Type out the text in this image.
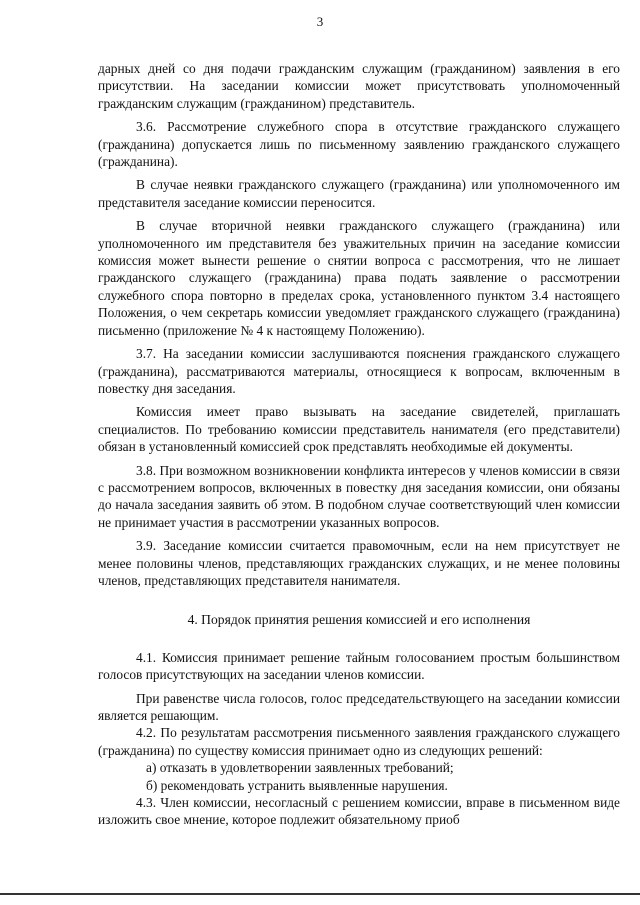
3

дарных дней со дня подачи гражданским служащим (гражданином) заявления в его присутствии. На заседании комиссии может присутствовать уполномоченный гражданским служащим (гражданином) представитель.

3.6. Рассмотрение служебного спора в отсутствие гражданского служащего (гражданина) допускается лишь по письменному заявлению гражданского служащего (гражданина).

В случае неявки гражданского служащего (гражданина) или уполномоченного им представителя заседание комиссии переносится.

В случае вторичной неявки гражданского служащего (гражданина) или уполномоченного им представителя без уважительных причин на заседание комиссии комиссия может вынести решение о снятии вопроса с рассмотрения, что не лишает гражданского служащего (гражданина) права подать заявление о рассмотрении служебного спора повторно в пределах срока, установленного пунктом 3.4 настоящего Положения, о чем секретарь комиссии уведомляет гражданского служащего (гражданина) письменно (приложение № 4 к настоящему Положению).

3.7. На заседании комиссии заслушиваются пояснения гражданского служащего (гражданина), рассматриваются материалы, относящиеся к вопросам, включенным в повестку дня заседания.

Комиссия имеет право вызывать на заседание свидетелей, приглашать специалистов. По требованию комиссии представитель нанимателя (его представители) обязан в установленный комиссией срок представлять необходимые ей документы.

3.8. При возможном возникновении конфликта интересов у членов комиссии в связи с рассмотрением вопросов, включенных в повестку дня заседания комиссии, они обязаны до начала заседания заявить об этом. В подобном случае соответствующий член комиссии не принимает участия в рассмотрении указанных вопросов.

3.9. Заседание комиссии считается правомочным, если на нем присутствует не менее половины членов, представляющих гражданских служащих, и не менее половины членов, представляющих представителя нанимателя.

4. Порядок принятия решения комиссией и его исполнения

4.1. Комиссия принимает решение тайным голосованием простым большинством голосов присутствующих на заседании членов комиссии.

При равенстве числа голосов, голос председательствующего на заседании комиссии является решающим.

4.2. По результатам рассмотрения письменного заявления гражданского служащего (гражданина) по существу комиссия принимает одно из следующих решений:

а) отказать в удовлетворении заявленных требований;

б) рекомендовать устранить выявленные нарушения.

4.3. Член комиссии, несогласный с решением комиссии, вправе в письменном виде изложить свое мнение, которое подлежит обязательному приоб
